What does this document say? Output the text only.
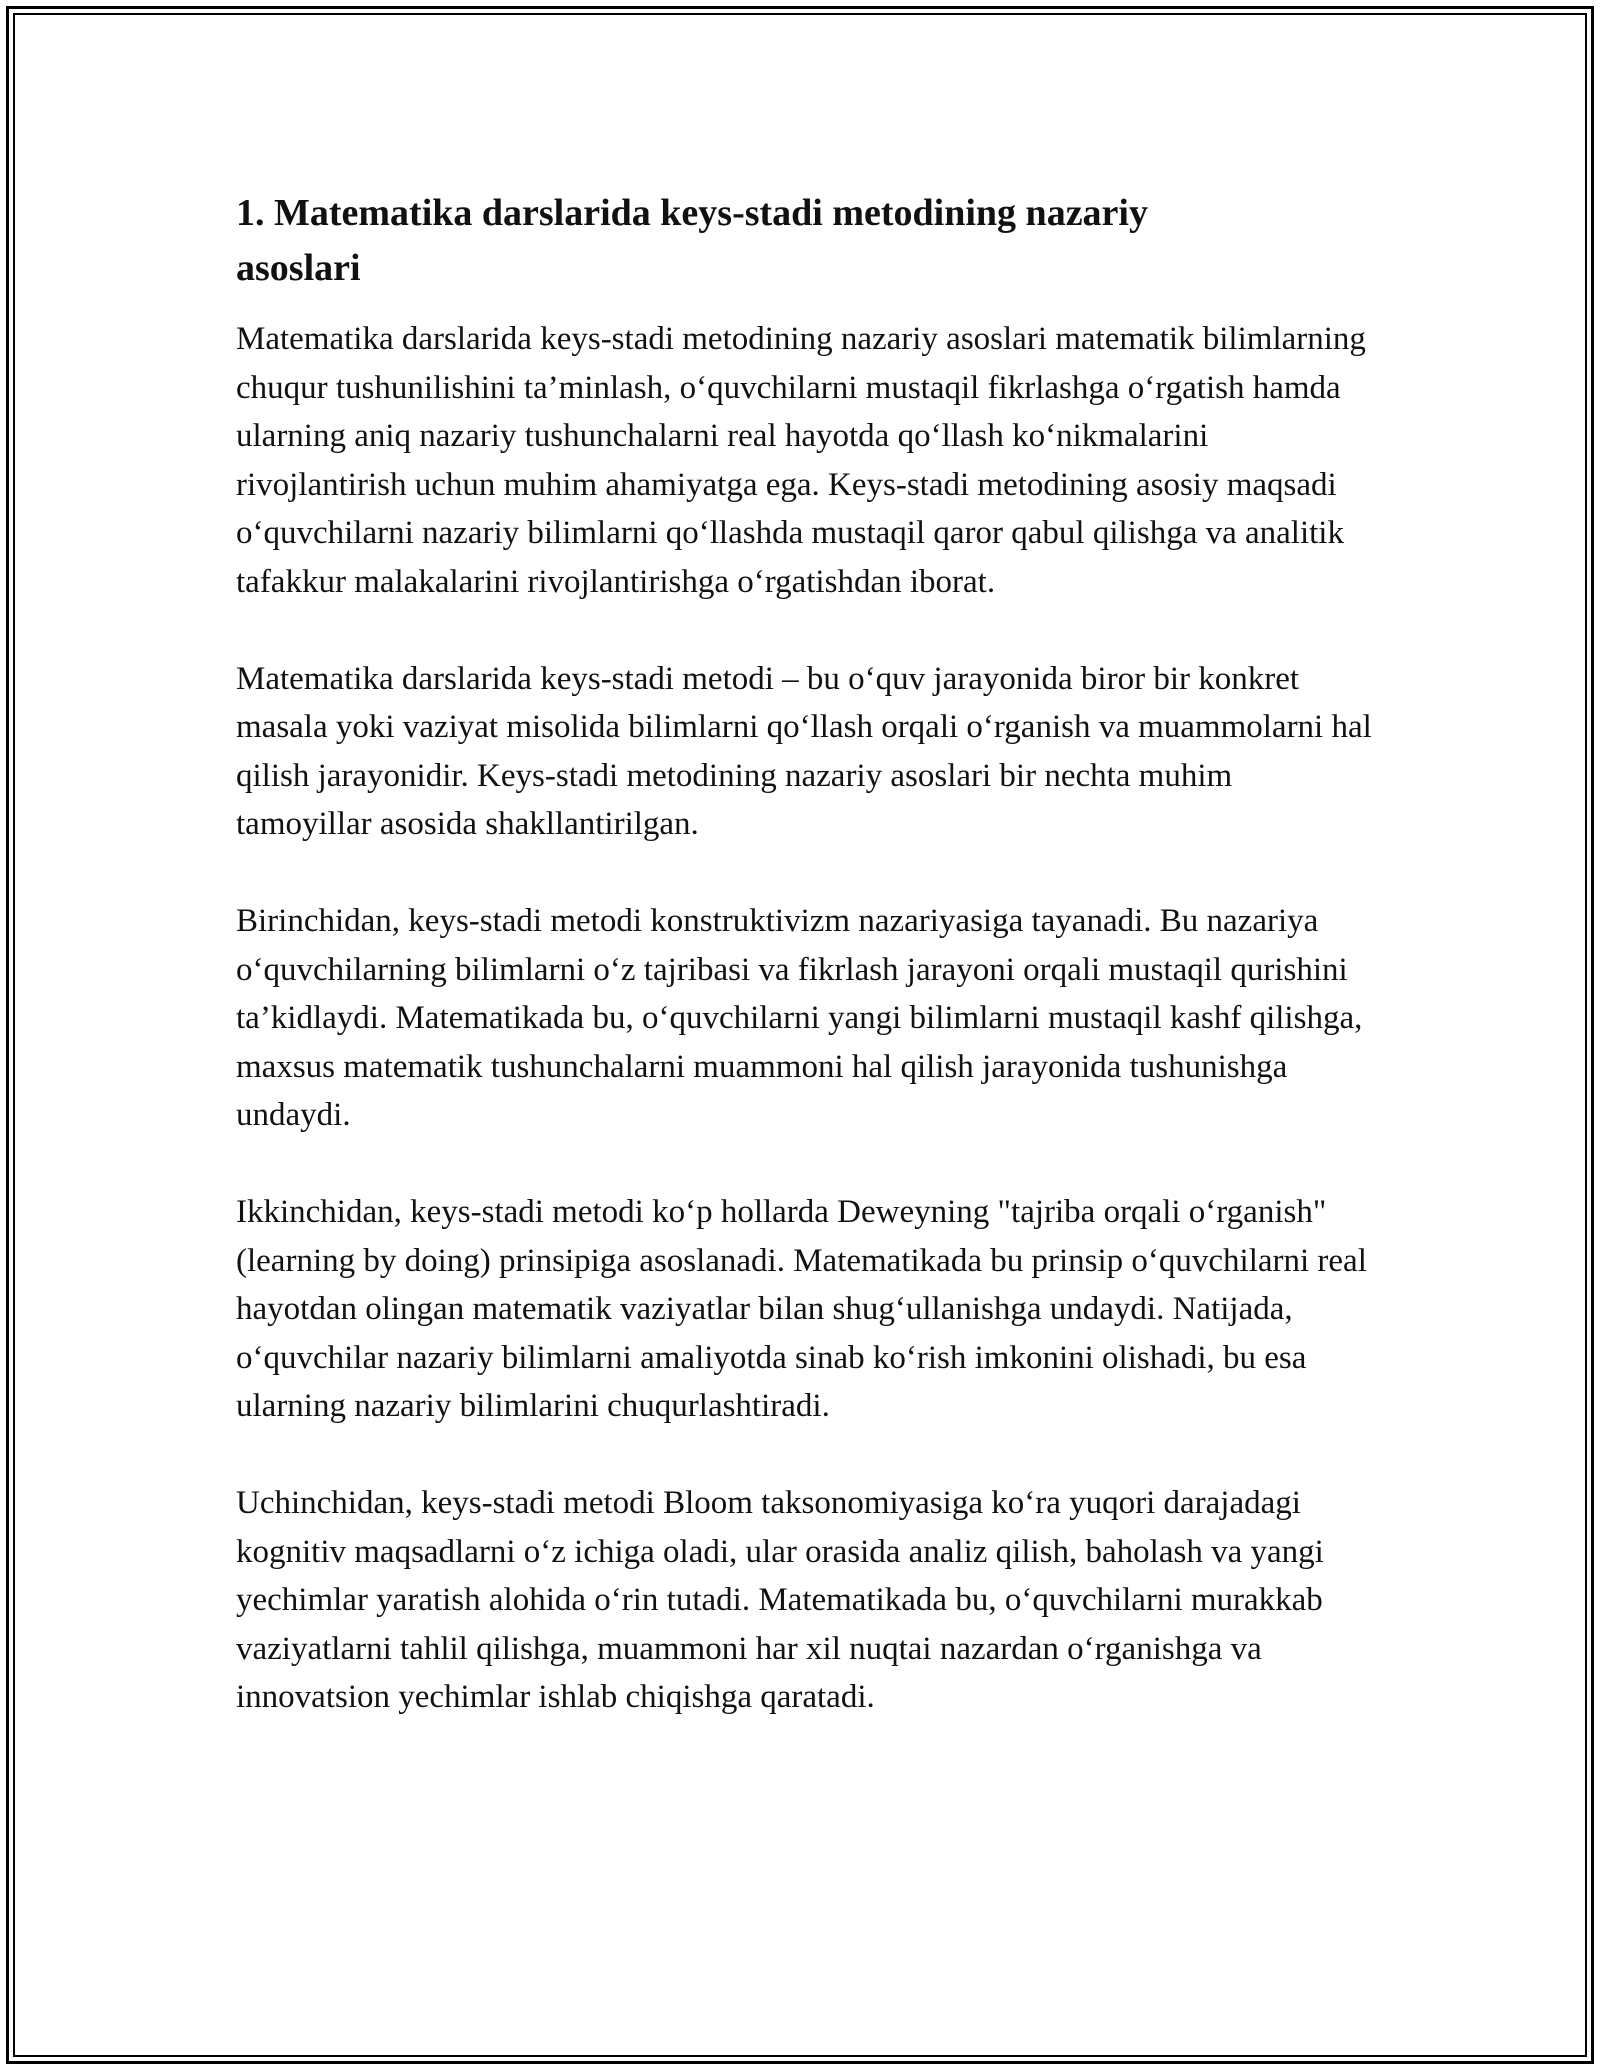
1. Matematika darslarida keys-stadi metodining nazariy asoslari

Matematika darslarida keys-stadi metodining nazariy asoslari matematik bilimlarning chuqur tushunilishini ta’minlash, o‘quvchilarni mustaqil fikrlashga o‘rgatish hamda ularning aniq nazariy tushunchalarni real hayotda qo‘llash ko‘nikmalarini rivojlantirish uchun muhim ahamiyatga ega. Keys-stadi metodining asosiy maqsadi o‘quvchilarni nazariy bilimlarni qo‘llashda mustaqil qaror qabul qilishga va analitik tafakkur malakalarini rivojlantirishga o‘rgatishdan iborat.

Matematika darslarida keys-stadi metodi – bu o‘quv jarayonida biror bir konkret masala yoki vaziyat misolida bilimlarni qo‘llash orqali o‘rganish va muammolarni hal qilish jarayonidir. Keys-stadi metodining nazariy asoslari bir nechta muhim tamoyillar asosida shakllantirilgan.

Birinchidan, keys-stadi metodi konstruktivizm nazariyasiga tayanadi. Bu nazariya o‘quvchilarning bilimlarni o‘z tajribasi va fikrlash jarayoni orqali mustaqil qurishini ta’kidlaydi. Matematikada bu, o‘quvchilarni yangi bilimlarni mustaqil kashf qilishga, maxsus matematik tushunchalarni muammoni hal qilish jarayonida tushunishga undaydi.

Ikkinchidan, keys-stadi metodi ko‘p hollarda Deweyning "tajriba orqali o‘rganish" (learning by doing) prinsipiga asoslanadi. Matematikada bu prinsip o‘quvchilarni real hayotdan olingan matematik vaziyatlar bilan shug‘ullanishga undaydi. Natijada, o‘quvchilar nazariy bilimlarni amaliyotda sinab ko‘rish imkonini olishadi, bu esa ularning nazariy bilimlarini chuqurlashtiradi.

Uchinchidan, keys-stadi metodi Bloom taksonomiyasiga ko‘ra yuqori darajadagi kognitiv maqsadlarni o‘z ichiga oladi, ular orasida analiz qilish, baholash va yangi yechimlar yaratish alohida o‘rin tutadi. Matematikada bu, o‘quvchilarni murakkab vaziyatlarni tahlil qilishga, muammoni har xil nuqtai nazardan o‘rganishga va innovatsion yechimlar ishlab chiqishga qaratadi.
